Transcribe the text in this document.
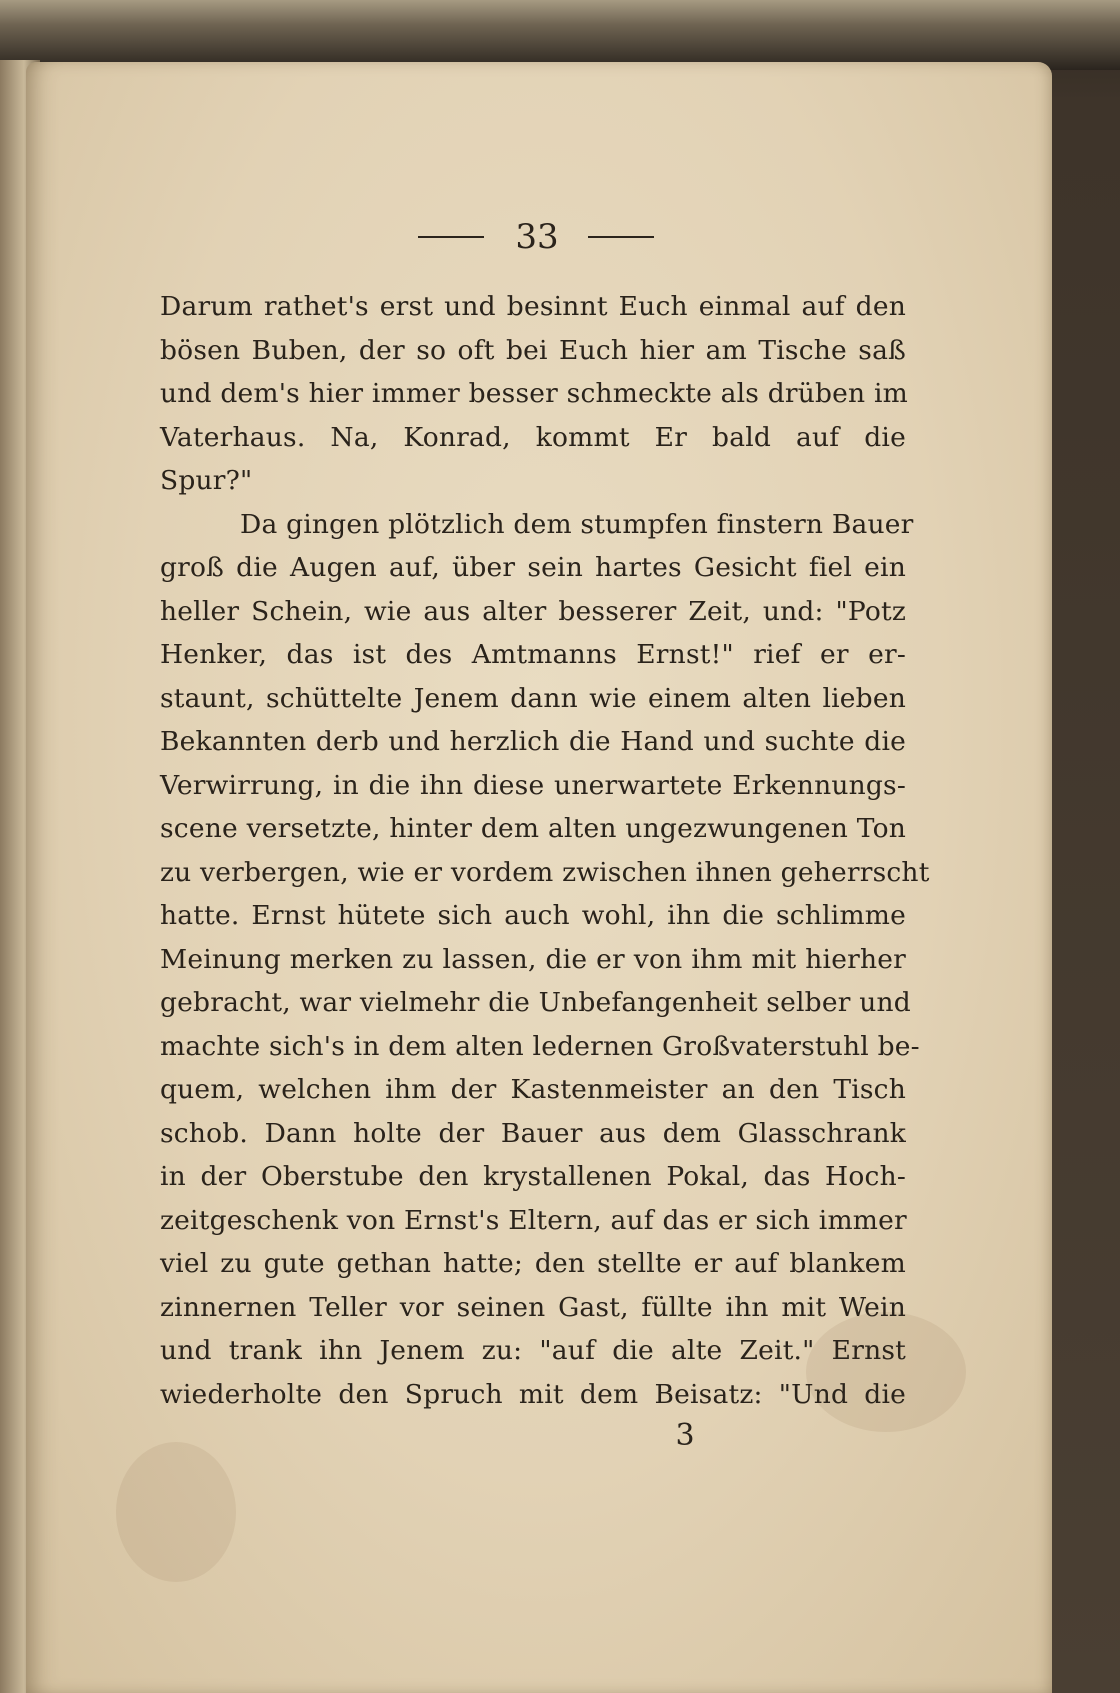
33
Darum rathet's erst und besinnt Euch einmal auf den
bösen Buben, der so oft bei Euch hier am Tische saß
und dem's hier immer besser schmeckte als drüben im
Vaterhaus. Na, Konrad, kommt Er bald auf die
Spur?"
Da gingen plötzlich dem stumpfen finstern Bauer
groß die Augen auf, über sein hartes Gesicht fiel ein
heller Schein, wie aus alter besserer Zeit, und: "Potz
Henker, das ist des Amtmanns Ernst!" rief er er-
staunt, schüttelte Jenem dann wie einem alten lieben
Bekannten derb und herzlich die Hand und suchte die
Verwirrung, in die ihn diese unerwartete Erkennungs-
scene versetzte, hinter dem alten ungezwungenen Ton
zu verbergen, wie er vordem zwischen ihnen geherrscht
hatte. Ernst hütete sich auch wohl, ihn die schlimme
Meinung merken zu lassen, die er von ihm mit hierher
gebracht, war vielmehr die Unbefangenheit selber und
machte sich's in dem alten ledernen Großvaterstuhl be-
quem, welchen ihm der Kastenmeister an den Tisch
schob. Dann holte der Bauer aus dem Glasschrank
in der Oberstube den krystallenen Pokal, das Hoch-
zeitgeschenk von Ernst's Eltern, auf das er sich immer
viel zu gute gethan hatte; den stellte er auf blankem
zinnernen Teller vor seinen Gast, füllte ihn mit Wein
und trank ihn Jenem zu: "auf die alte Zeit." Ernst
wiederholte den Spruch mit dem Beisatz: "Und die
3
